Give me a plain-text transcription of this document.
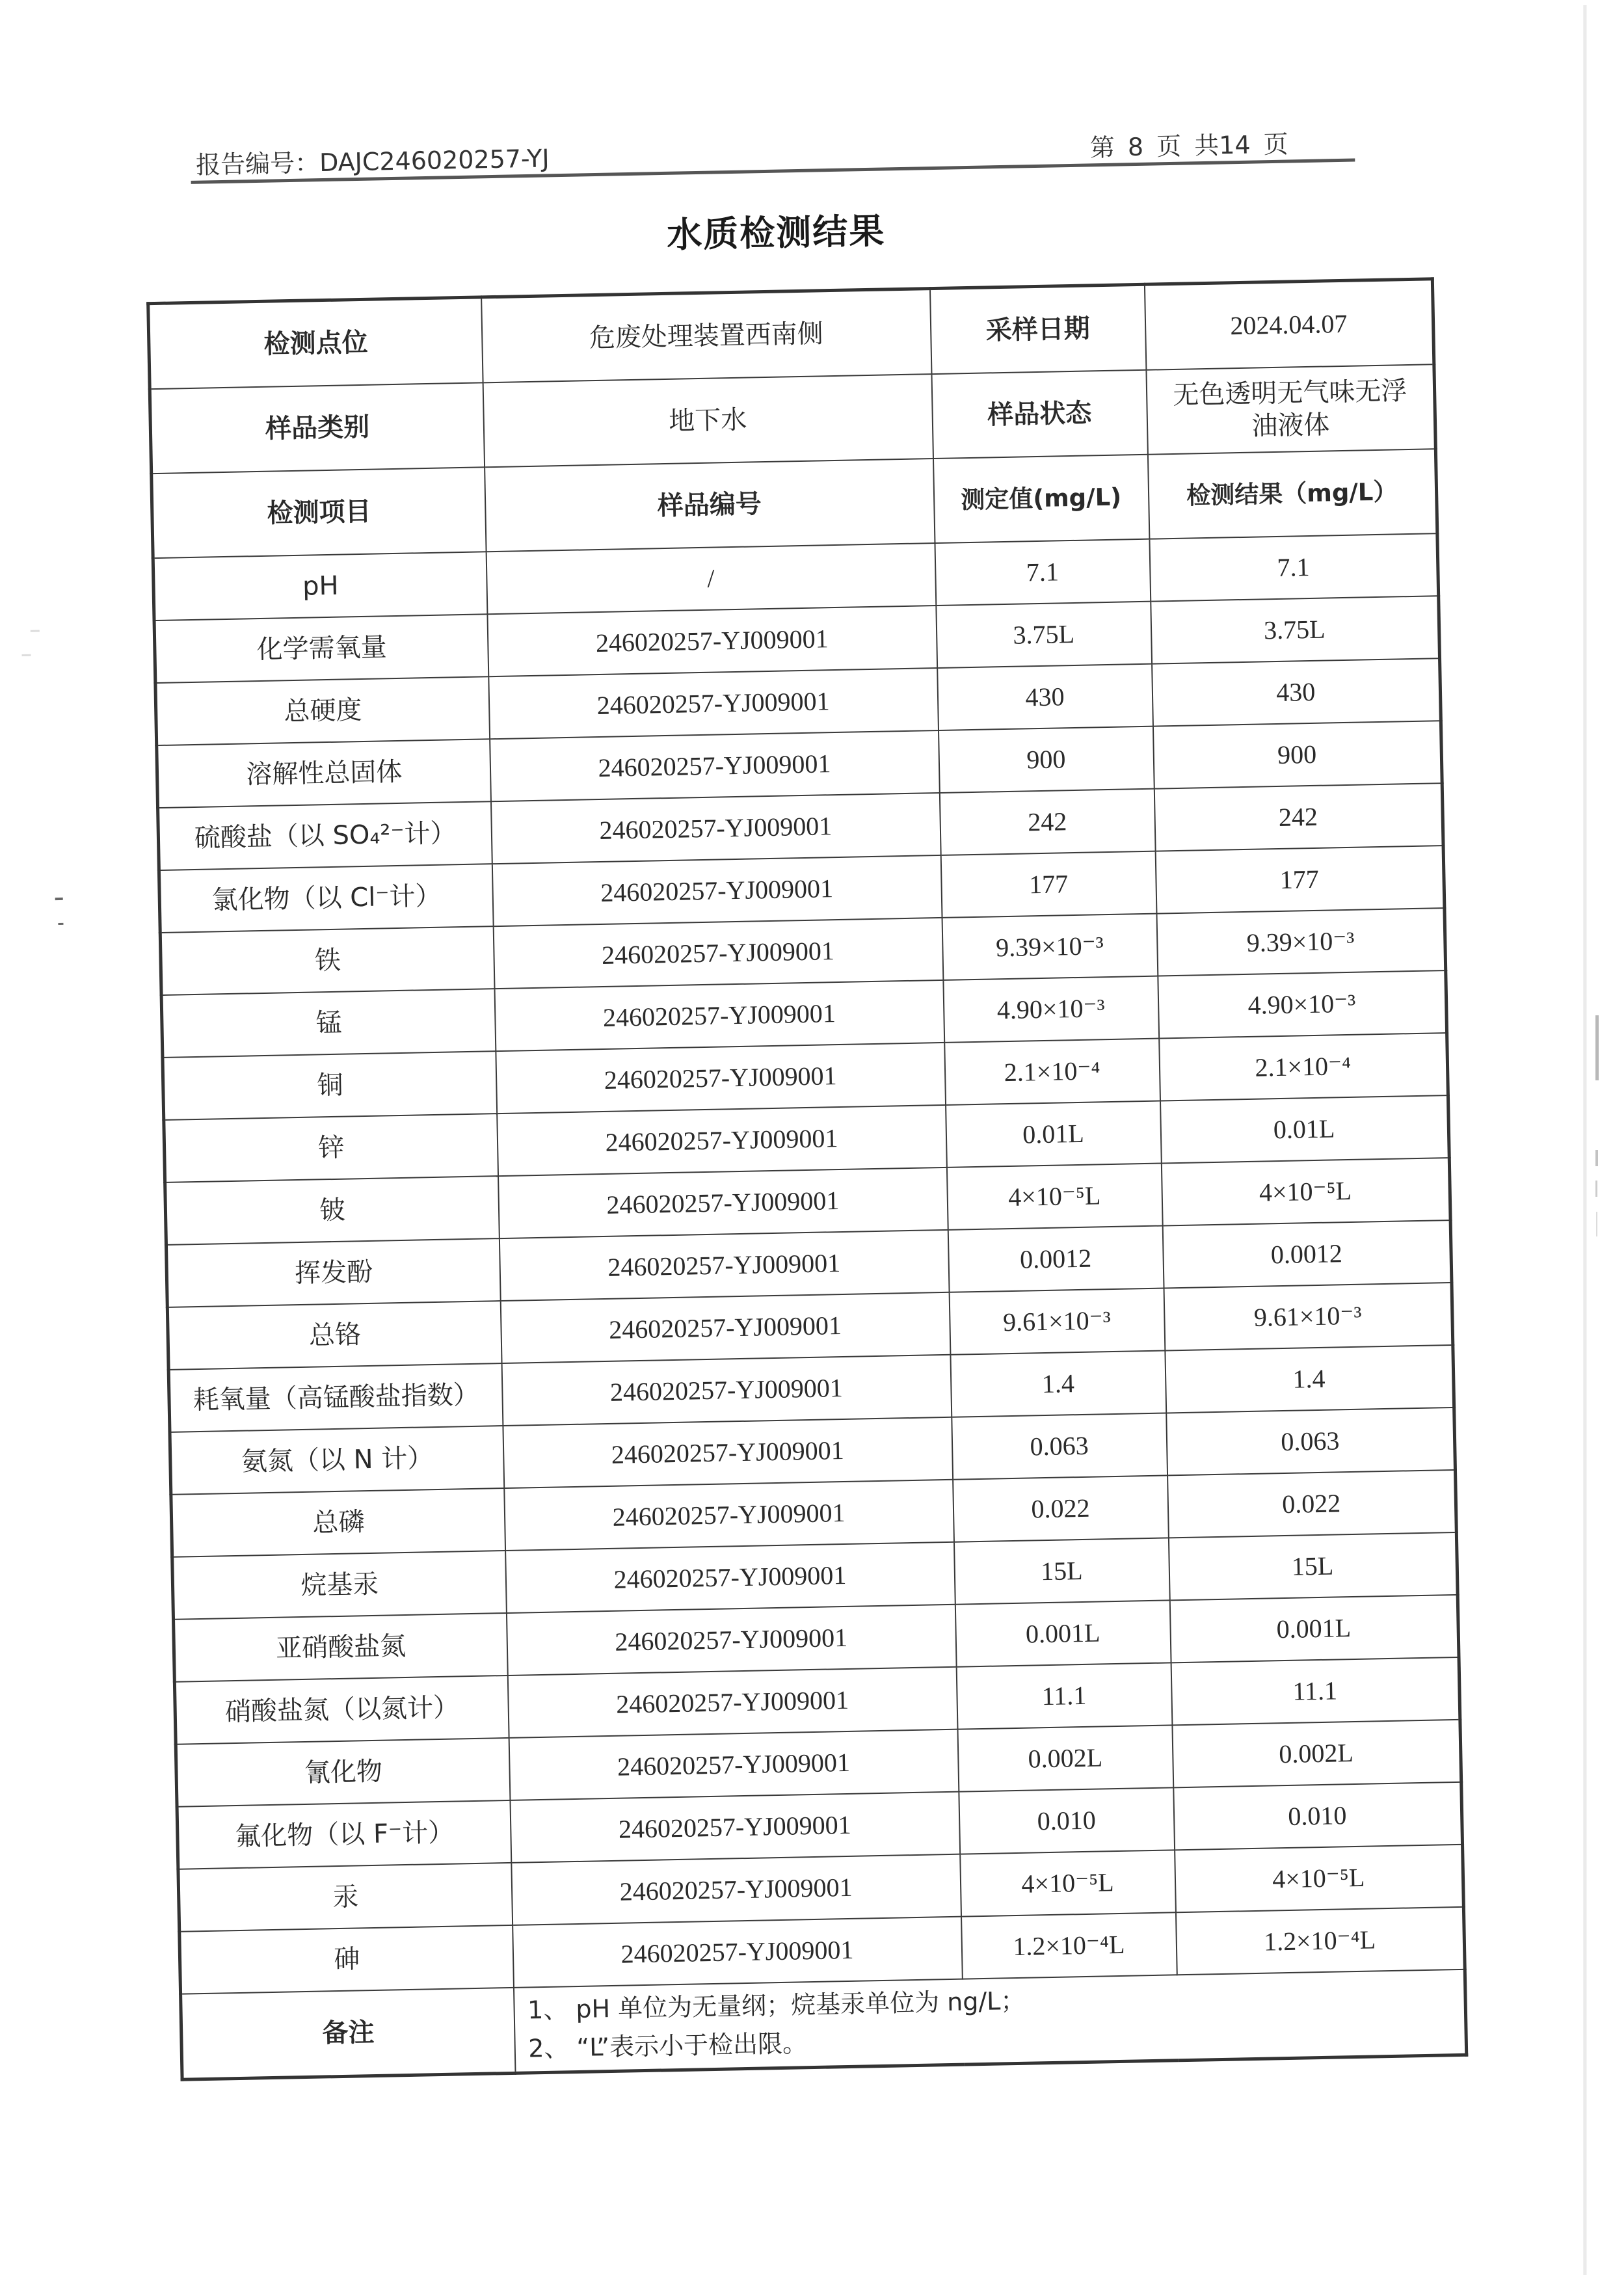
报告编号：DAJC246020257-YJ	第 8 页 共14 页
水质检测结果
检测点位	危废处理装置西南侧	采样日期	2024.04.07
样品类别	地下水	样品状态	无色透明无气味无浮油液体
检测项目	样品编号	测定值(mg/L)	检测结果（mg/L）
pH	/	7.1	7.1
化学需氧量	246020257-YJ009001	3.75L	3.75L
总硬度	246020257-YJ009001	430	430
溶解性总固体	246020257-YJ009001	900	900
硫酸盐（以 SO₄²⁻计）	246020257-YJ009001	242	242
氯化物（以 Cl⁻计）	246020257-YJ009001	177	177
铁	246020257-YJ009001	9.39×10⁻³	9.39×10⁻³
锰	246020257-YJ009001	4.90×10⁻³	4.90×10⁻³
铜	246020257-YJ009001	2.1×10⁻⁴	2.1×10⁻⁴
锌	246020257-YJ009001	0.01L	0.01L
铍	246020257-YJ009001	4×10⁻⁵L	4×10⁻⁵L
挥发酚	246020257-YJ009001	0.0012	0.0012
总铬	246020257-YJ009001	9.61×10⁻³	9.61×10⁻³
耗氧量（高锰酸盐指数）	246020257-YJ009001	1.4	1.4
氨氮（以 N 计）	246020257-YJ009001	0.063	0.063
总磷	246020257-YJ009001	0.022	0.022
烷基汞	246020257-YJ009001	15L	15L
亚硝酸盐氮	246020257-YJ009001	0.001L	0.001L
硝酸盐氮（以氮计）	246020257-YJ009001	11.1	11.1
氰化物	246020257-YJ009001	0.002L	0.002L
氟化物（以 F⁻计）	246020257-YJ009001	0.010	0.010
汞	246020257-YJ009001	4×10⁻⁵L	4×10⁻⁵L
砷	246020257-YJ009001	1.2×10⁻⁴L	1.2×10⁻⁴L
备注	1、 pH 单位为无量纲；烷基汞单位为 ng/L；
2、 “L”表示小于检出限。		
